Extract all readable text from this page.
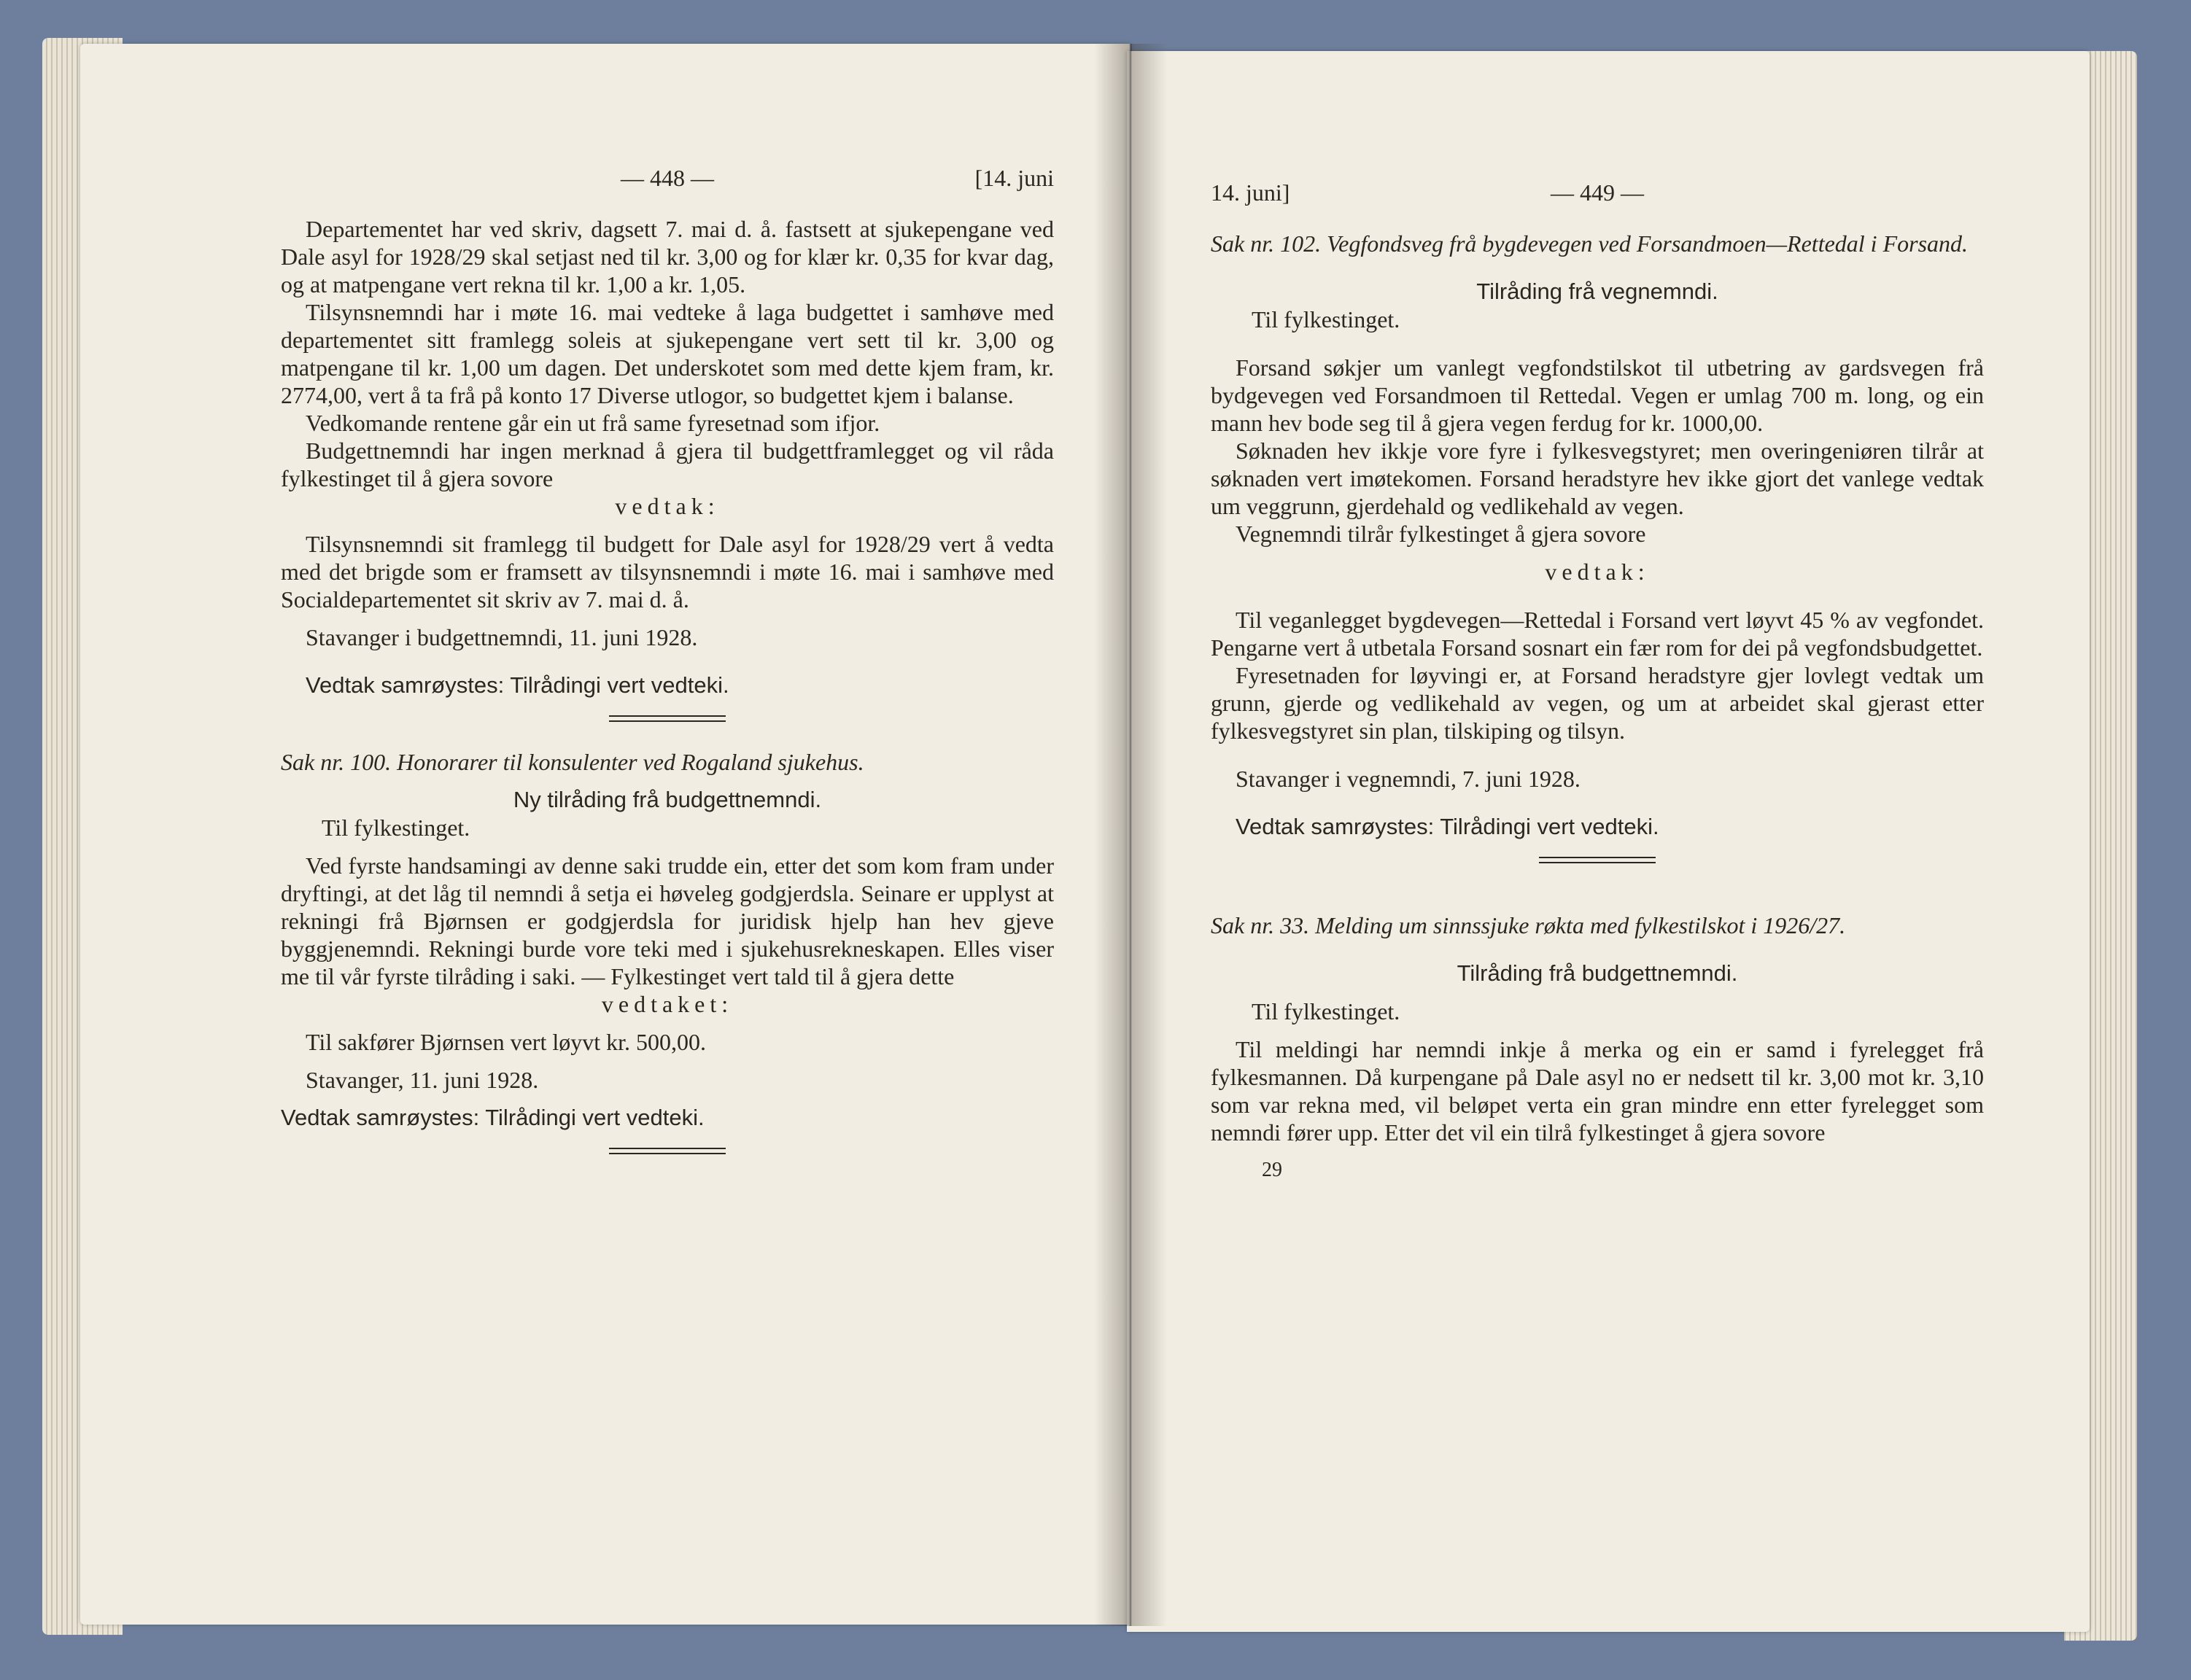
— 448 —	[14. juni

Departementet har ved skriv, dagsett 7. mai d. å. fastsett at sjukepengane ved Dale asyl for 1928/29 skal setjast ned til kr. 3,00 og for klær kr. 0,35 for kvar dag, og at matpengane vert rekna til kr. 1,00 a kr. 1,05.

Tilsynsnemndi har i møte 16. mai vedteke å laga budgettet i samhøve med departementet sitt framlegg soleis at sjukepengane vert sett til kr. 3,00 og matpengane til kr. 1,00 um dagen. Det underskotet som med dette kjem fram, kr. 2774,00, vert å ta frå på konto 17 Diverse utlogor, so budgettet kjem i balanse.

Vedkomande rentene går ein ut frå same fyresetnad som ifjor.

Budgettnemndi har ingen merknad å gjera til budgettframlegget og vil råda fylkestinget til å gjera sovore

vedtak:

Tilsynsnemndi sit framlegg til budgett for Dale asyl for 1928/29 vert å vedta med det brigde som er framsett av tilsynsnemndi i møte 16. mai i samhøve med Socialdepartementet sit skriv av 7. mai d. å.

Stavanger i budgettnemndi, 11. juni 1928.

Vedtak samrøystes: Tilrådingi vert vedteki.

Sak nr. 100. Honorarer til konsulenter ved Rogaland sjukehus.

Ny tilråding frå budgettnemndi.
Til fylkestinget.

Ved fyrste handsamingi av denne saki trudde ein, etter det som kom fram under dryftingi, at det låg til nemndi å setja ei høveleg godgjerdsla. Seinare er upplyst at rekningi frå Bjørnsen er godgjerdsla for juridisk hjelp han hev gjeve byggjenemndi. Rekningi burde vore teki med i sjukehusrekneskapen. Elles viser me til vår fyrste tilråding i saki. — Fylkestinget vert tald til å gjera dette

vedtaket:

Til sakfører Bjørnsen vert løyvt kr. 500,00.

Stavanger, 11. juni 1928.

Vedtak samrøystes: Tilrådingi vert vedteki.
14. juni]	— 449 —

Sak nr. 102. Vegfondsveg frå bygdevegen ved Forsandmoen—Rettedal i Forsand.

Tilråding frå vegnemndi.
Til fylkestinget.

Forsand søkjer um vanlegt vegfondstilskot til utbetring av gardsvegen frå bydgevegen ved Forsandmoen til Rettedal. Vegen er umlag 700 m. long, og ein mann hev bode seg til å gjera vegen ferdug for kr. 1000,00.

Søknaden hev ikkje vore fyre i fylkesvegstyret; men overingeniøren tilrår at søknaden vert imøtekomen. Forsand heradstyre hev ikke gjort det vanlege vedtak um veggrunn, gjerdehald og vedlikehald av vegen.

Vegnemndi tilrår fylkestinget å gjera sovore

vedtak:

Til veganlegget bygdevegen—Rettedal i Forsand vert løyvt 45 % av vegfondet. Pengarne vert å utbetala Forsand sosnart ein fær rom for dei på vegfondsbudgettet.

Fyresetnaden for løyvingi er, at Forsand heradstyre gjer lovlegt vedtak um grunn, gjerde og vedlikehald av vegen, og um at arbeidet skal gjerast etter fylkesvegstyret sin plan, tilskiping og tilsyn.

Stavanger i vegnemndi, 7. juni 1928.

Vedtak samrøystes: Tilrådingi vert vedteki.

Sak nr. 33. Melding um sinnssjuke røkta med fylkestilskot i 1926/27.

Tilråding frå budgettnemndi.
Til fylkestinget.

Til meldingi har nemndi inkje å merka og ein er samd i fyrelegget frå fylkesmannen. Då kurpengane på Dale asyl no er nedsett til kr. 3,00 mot kr. 3,10 som var rekna med, vil beløpet verta ein gran mindre enn etter fyrelegget som nemndi fører upp. Etter det vil ein tilrå fylkestinget å gjera sovore

29
